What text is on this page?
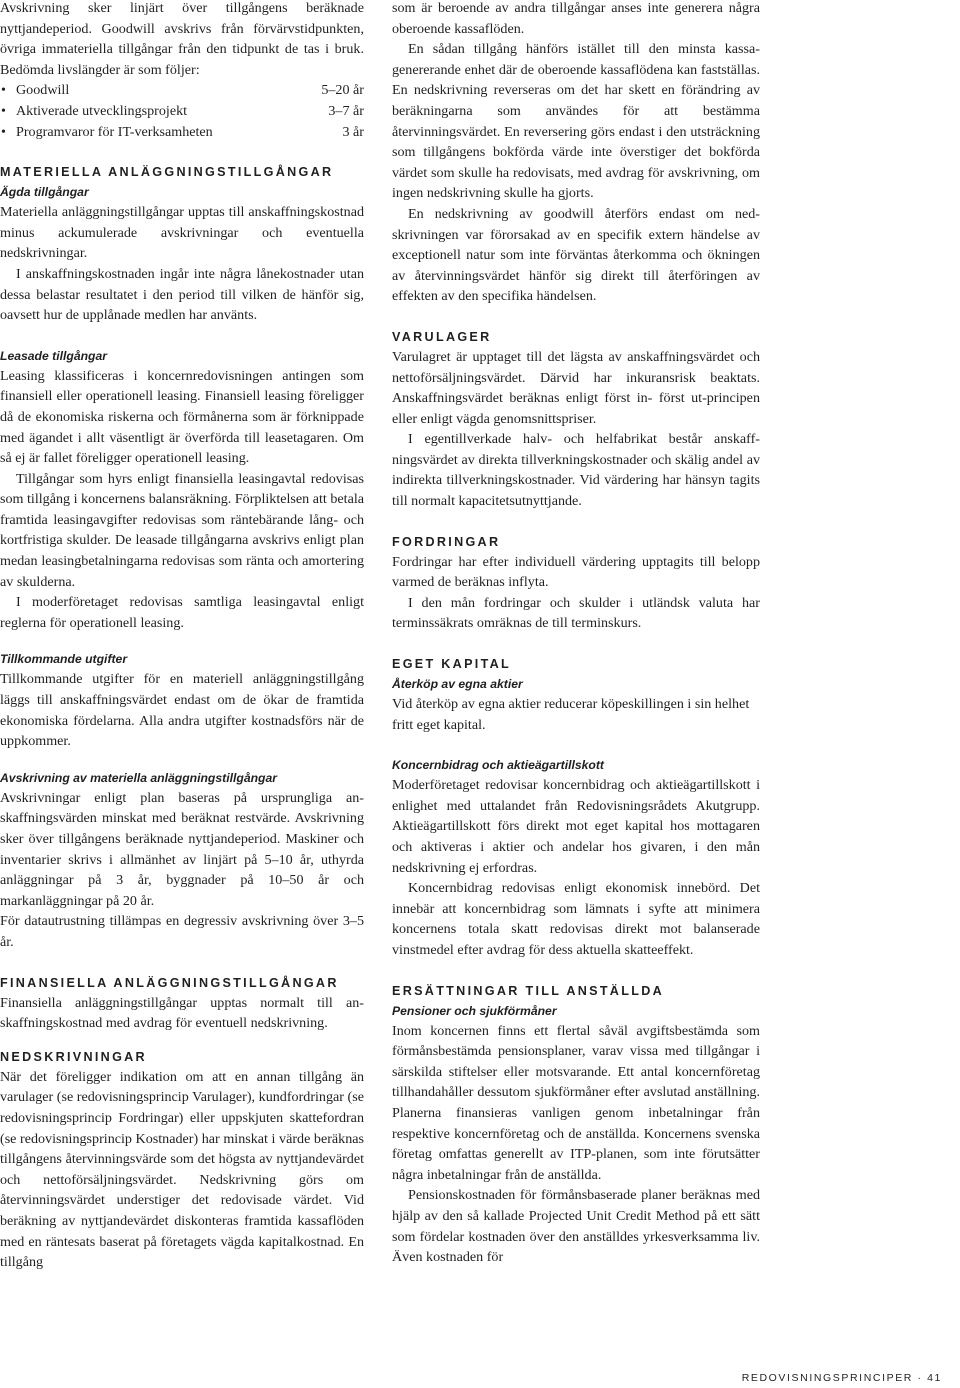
Avskrivning sker linjärt över tillgångens beräknade nyttjandeperiod. Goodwill avskrivs från förvärvstidpunkten, övriga immateriella tillgångar från den tidpunkt de tas i bruk. Bedömda livslängder är som följer:

• Goodwill	5–20 år
• Aktiverade utvecklingsprojekt	3–7 år
• Programvaror för IT-verksamheten	3 år
MATERIELLA ANLÄGGNINGSTILLGÅNGAR
Ägda tillgångar

Materiella anläggningstillgångar upptas till anskaffningskostnad minus ackumulerade avskrivningar och eventuella nedskrivningar.

I anskaffningskostnaden ingår inte några lånekostnader utan dessa belastar resultatet i den period till vilken de hänför sig, oavsett hur de upplånade medlen har använts.

Leasade tillgångar

Leasing klassificeras i koncernredovisningen antingen som finansiell eller operationell leasing. Finansiell leasing föreligger då de ekonomiska riskerna och förmånerna som är förknippade med ägandet i allt väsentligt är överförda till leasetagaren. Om så ej är fallet föreligger operationell leasing.

Tillgångar som hyrs enligt finansiella leasingavtal redovisas som tillgång i koncernens balansräkning. Förpliktelsen att betala framtida leasingavgifter redovisas som räntebärande lång- och kortfristiga skulder. De leasade tillgångarna avskrivs enligt plan medan leasingbetalningarna redovisas som ränta och amortering av skulderna.

I moderföretaget redovisas samtliga leasingavtal enligt reglerna för operationell leasing.

Tillkommande utgifter

Tillkommande utgifter för en materiell anläggningstillgång läggs till anskaffningsvärdet endast om de ökar de framtida ekonomiska fördelarna. Alla andra utgifter kostnadsförs när de uppkommer.

Avskrivning av materiella anläggningstillgångar

Avskrivningar enligt plan baseras på ursprungliga anskaffningsvärden minskat med beräknat restvärde. Avskrivning sker över tillgångens beräknade nyttjandeperiod. Maskiner och inventarier skrivs i allmänhet av linjärt på 5–10 år, uthyrda anläggningar på 3 år, byggnader på 10–50 år och markanläggningar på 20 år.

För datautrustning tillämpas en degressiv avskrivning över 3–5 år.

FINANSIELLA ANLÄGGNINGSTILLGÅNGAR

Finansiella anläggningstillgångar upptas normalt till anskaffningskostnad med avdrag för eventuell nedskrivning.

NEDSKRIVNINGAR

När det föreligger indikation om att en annan tillgång än varulager (se redovisningsprincip Varulager), kundfordringar (se redovisningsprincip Fordringar) eller uppskjuten skattefordran (se redovisningsprincip Kostnader) har minskat i värde beräknas tillgångens återvinningsvärde som det högsta av nyttjandevärdet och nettoförsäljningsvärdet. Nedskrivning görs om återvinningsvärdet understiger det redovisade värdet. Vid beräkning av nyttjandevärdet diskonteras framtida kassaflöden med en räntesats baserat på företagets vägda kapitalkostnad. En tillgång

som är beroende av andra tillgångar anses inte generera några oberoende kassaflöden.

En sådan tillgång hänförs istället till den minsta kassagenererande enhet där de oberoende kassaflödena kan fastställas. En nedskrivning reverseras om det har skett en förändring av beräkningarna som användes för att bestämma återvinningsvärdet. En reversering görs endast i den utsträckning som tillgångens bokförda värde inte överstiger det bokförda värdet som skulle ha redovisats, med avdrag för avskrivning, om ingen nedskrivning skulle ha gjorts.

En nedskrivning av goodwill återförs endast om nedskrivningen var förorsakad av en specifik extern händelse av exceptionell natur som inte förväntas återkomma och ökningen av återvinningsvärdet hänför sig direkt till återföringen av effekten av den specifika händelsen.

VARULAGER

Varulagret är upptaget till det lägsta av anskaffningsvärdet och nettoförsäljningsvärdet. Därvid har inkuransrisk beaktats. Anskaffningsvärdet beräknas enligt först in- först ut-principen eller enligt vägda genomsnittspriser.

I egentillverkade halv- och helfabrikat består anskaffningsvärdet av direkta tillverkningskostnader och skälig andel av indirekta tillverkningskostnader. Vid värdering har hänsyn tagits till normalt kapacitetsutnyttjande.

FORDRINGAR

Fordringar har efter individuell värdering upptagits till belopp varmed de beräknas inflyta.

I den mån fordringar och skulder i utländsk valuta har terminssäkrats omräknas de till terminskurs.

EGET KAPITAL
Återköp av egna aktier

Vid återköp av egna aktier reducerar köpeskillingen i sin helhet fritt eget kapital.

Koncernbidrag och aktieägartillskott

Moderföretaget redovisar koncernbidrag och aktieägartillskott i enlighet med uttalandet från Redovisningsrådets Akutgrupp. Aktieägartillskott förs direkt mot eget kapital hos mottagaren och aktiveras i aktier och andelar hos givaren, i den mån nedskrivning ej erfordras.

Koncernbidrag redovisas enligt ekonomisk innebörd. Det innebär att koncernbidrag som lämnats i syfte att minimera koncernens totala skatt redovisas direkt mot balanserade vinstmedel efter avdrag för dess aktuella skatteeffekt.

ERSÄTTNINGAR TILL ANSTÄLLDA
Pensioner och sjukförmåner

Inom koncernen finns ett flertal såväl avgiftsbestämda som förmånsbestämda pensionsplaner, varav vissa med tillgångar i särskilda stiftelser eller motsvarande. Ett antal koncernföretag tillhandahåller dessutom sjukförmåner efter avslutad anställning. Planerna finansieras vanligen genom inbetalningar från respektive koncernföretag och de anställda. Koncernens svenska företag omfattas generellt av ITP-planen, som inte förutsätter några inbetalningar från de anställda.

Pensionskostnaden för förmånsbaserade planer beräknas med hjälp av den så kallade Projected Unit Credit Method på ett sätt som fördelar kostnaden över den anställdes yrkesverksamma liv. Även kostnaden för

REDOVISNINGSPRINCIPER · 41
